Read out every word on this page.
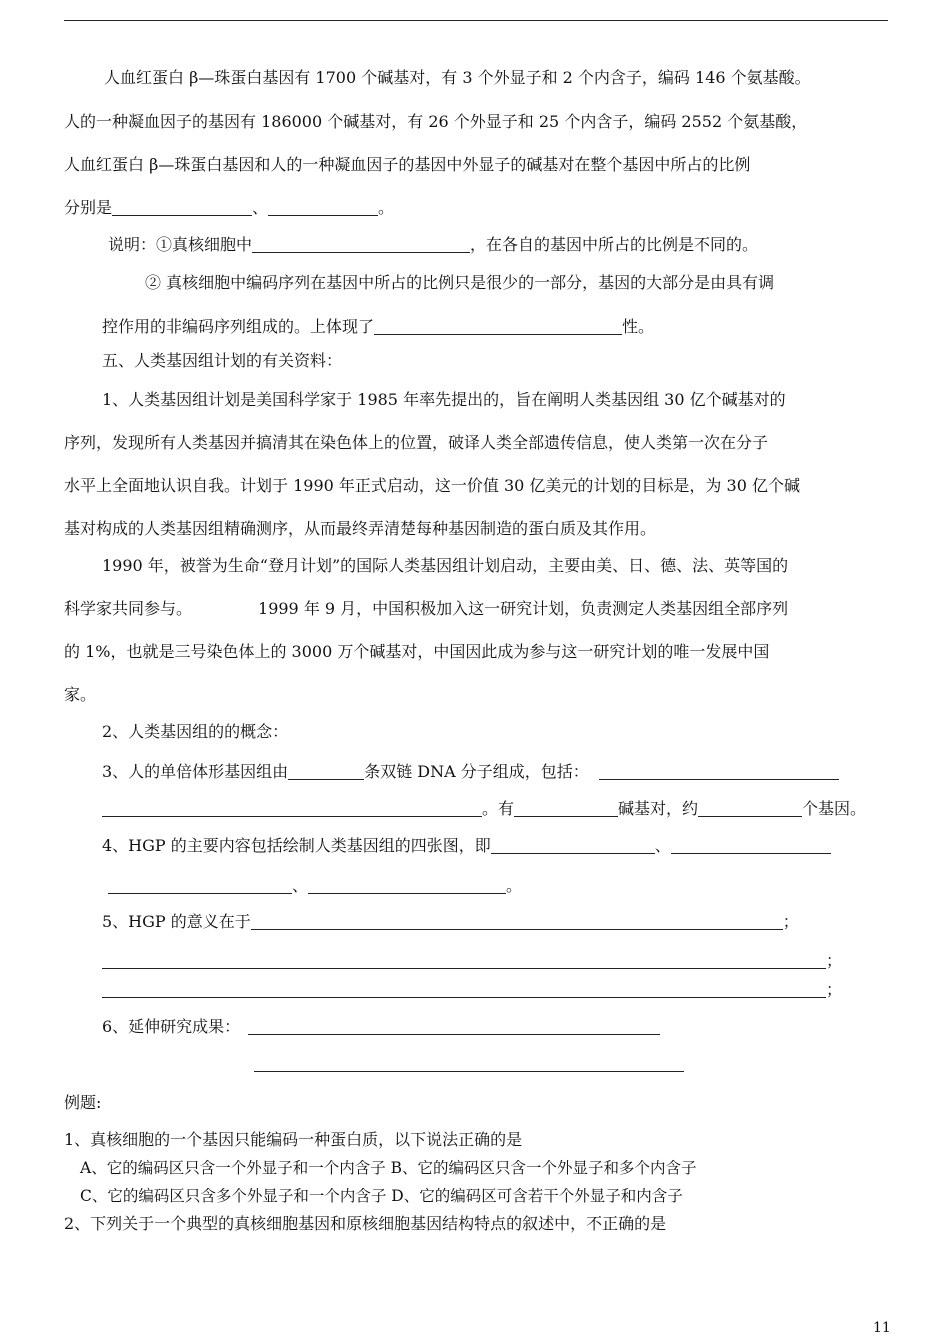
人血红蛋白 β—珠蛋白基因有 1700 个碱基对，有 3 个外显子和 2 个内含子，编码 146 个氨基酸。
人的一种凝血因子的基因有 186000 个碱基对，有 26 个外显子和 25 个内含子，编码 2552 个氨基酸，
人血红蛋白 β—珠蛋白基因和人的一种凝血因子的基因中外显子的碱基对在整个基因中所占的比例
分别是	、	。
说明：①真核细胞中	，在各自的基因中所占的比例是不同的。
② 真核细胞中编码序列在基因中所占的比例只是很少的一部分，基因的大部分是由具有调
控作用的非编码序列组成的。上体现了	性。
五、人类基因组计划的有关资料：
1、人类基因组计划是美国科学家于 1985 年率先提出的，旨在阐明人类基因组 30 亿个碱基对的
序列，发现所有人类基因并搞清其在染色体上的位置，破译人类全部遗传信息，使人类第一次在分子
水平上全面地认识自我。计划于 1990 年正式启动，这一价值 30 亿美元的计划的目标是，为 30 亿个碱
基对构成的人类基因组精确测序，从而最终弄清楚每种基因制造的蛋白质及其作用。
1990 年，被誉为生命“登月计划”的国际人类基因组计划启动，主要由美、日、德、法、英等国的
科学家共同参与。	1999 年 9 月，中国积极加入这一研究计划，负责测定人类基因组全部序列
的 1%，也就是三号染色体上的 3000 万个碱基对，中国因此成为参与这一研究计划的唯一发展中国
家。
2、人类基因组的的概念：
3、人的单倍体形基因组由	条双链 DNA 分子组成，包括：
。有	碱基对，约	个基因。
4、HGP 的主要内容包括绘制人类基因组的四张图，即	、
、	。
5、HGP 的意义在于	；
；
；
6、延伸研究成果：
例题:
1、真核细胞的一个基因只能编码一种蛋白质，以下说法正确的是
A、它的编码区只含一个外显子和一个内含子 B、它的编码区只含一个外显子和多个内含子
C、它的编码区只含多个外显子和一个内含子 D、它的编码区可含若干个外显子和内含子
2、下列关于一个典型的真核细胞基因和原核细胞基因结构特点的叙述中，不正确的是
11
